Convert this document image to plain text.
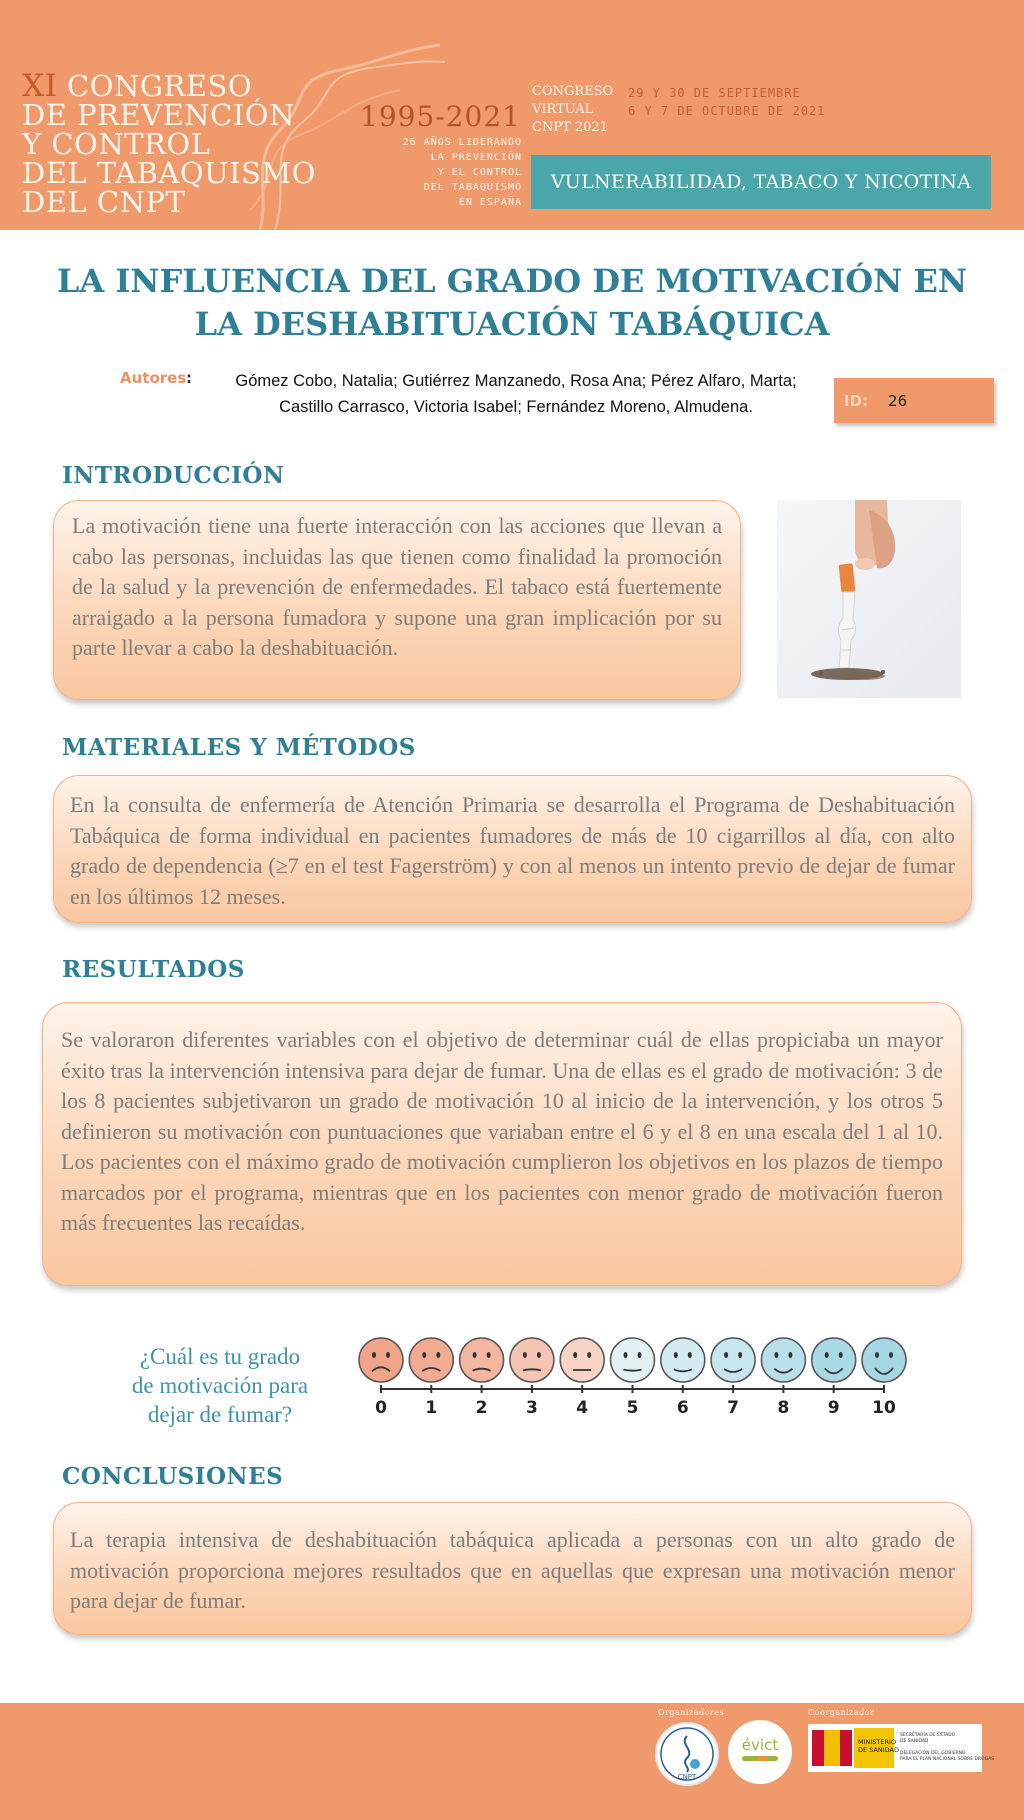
XI CONGRESO
DE PREVENCIÓN
Y CONTROL
DEL TABAQUISMO
DEL CNPT
1995-2021
26 AÑOS LIDERANDO
LA PREVENCIÓN
Y EL CONTROL
DEL TABAQUISMO
EN ESPAÑA
CONGRESO
VIRTUAL
CNPT 2021
29 Y 30 DE SEPTIEMBRE
6 Y 7 DE OCTUBRE DE 2021
VULNERABILIDAD, TABACO Y NICOTINA
LA INFLUENCIA DEL GRADO DE MOTIVACIÓN EN
LA DESHABITUACIÓN TABÁQUICA
Autores :	Gómez Cobo, Natalia; Gutiérrez Manzanedo, Rosa Ana; Pérez Alfaro, Marta;
Castillo Carrasco, Victoria Isabel; Fernández Moreno, Almudena.	ID: 26
INTRODUCCIÓN

La motivación tiene una fuerte interacción con las acciones que llevan a cabo las personas, incluidas las que tienen como finalidad la promoción de la salud y la prevención de enfermedades. El tabaco está fuertemente arraigado a la persona fumadora y supone una gran implicación por su parte llevar a cabo la deshabituación.

MATERIALES Y MÉTODOS

En la consulta de enfermería de Atención Primaria se desarrolla el Programa de Deshabituación Tabáquica de forma individual en pacientes fumadores de más de 10 cigarrillos al día, con alto grado de dependencia (≥7 en el test Fagerström) y con al menos un intento previo de dejar de fumar en los últimos 12 meses.

RESULTADOS

Se valoraron diferentes variables con el objetivo de determinar cuál de ellas propiciaba un mayor éxito tras la intervención intensiva para dejar de fumar. Una de ellas es el grado de motivación: 3 de los 8 pacientes subjetivaron un grado de motivación 10 al inicio de la intervención, y los otros 5 definieron su motivación con puntuaciones que variaban entre el 6 y el 8 en una escala del 1 al 10. Los pacientes con el máximo grado de motivación cumplieron los objetivos en los plazos de tiempo marcados por el programa, mientras que en los pacientes con menor grado de motivación fueron más frecuentes las recaídas.

¿Cuál es tu grado
de motivación para
dejar de fumar?	0 1 2 3 4 5 6 7 8 9 10
CONCLUSIONES

La terapia intensiva de deshabituación tabáquica aplicada a personas con un alto grado de motivación proporciona mejores resultados que en aquellas que expresan una motivación menor para dejar de fumar.

Organizadores	Coorganizador
CNPT
évict	MINISTERIO
DE SANIDAD
SECRETARÍA DE ESTADO
DE SANIDAD
DELEGACIÓN DEL GOBIERNO
PARA EL PLAN NACIONAL SOBRE DROGAS
